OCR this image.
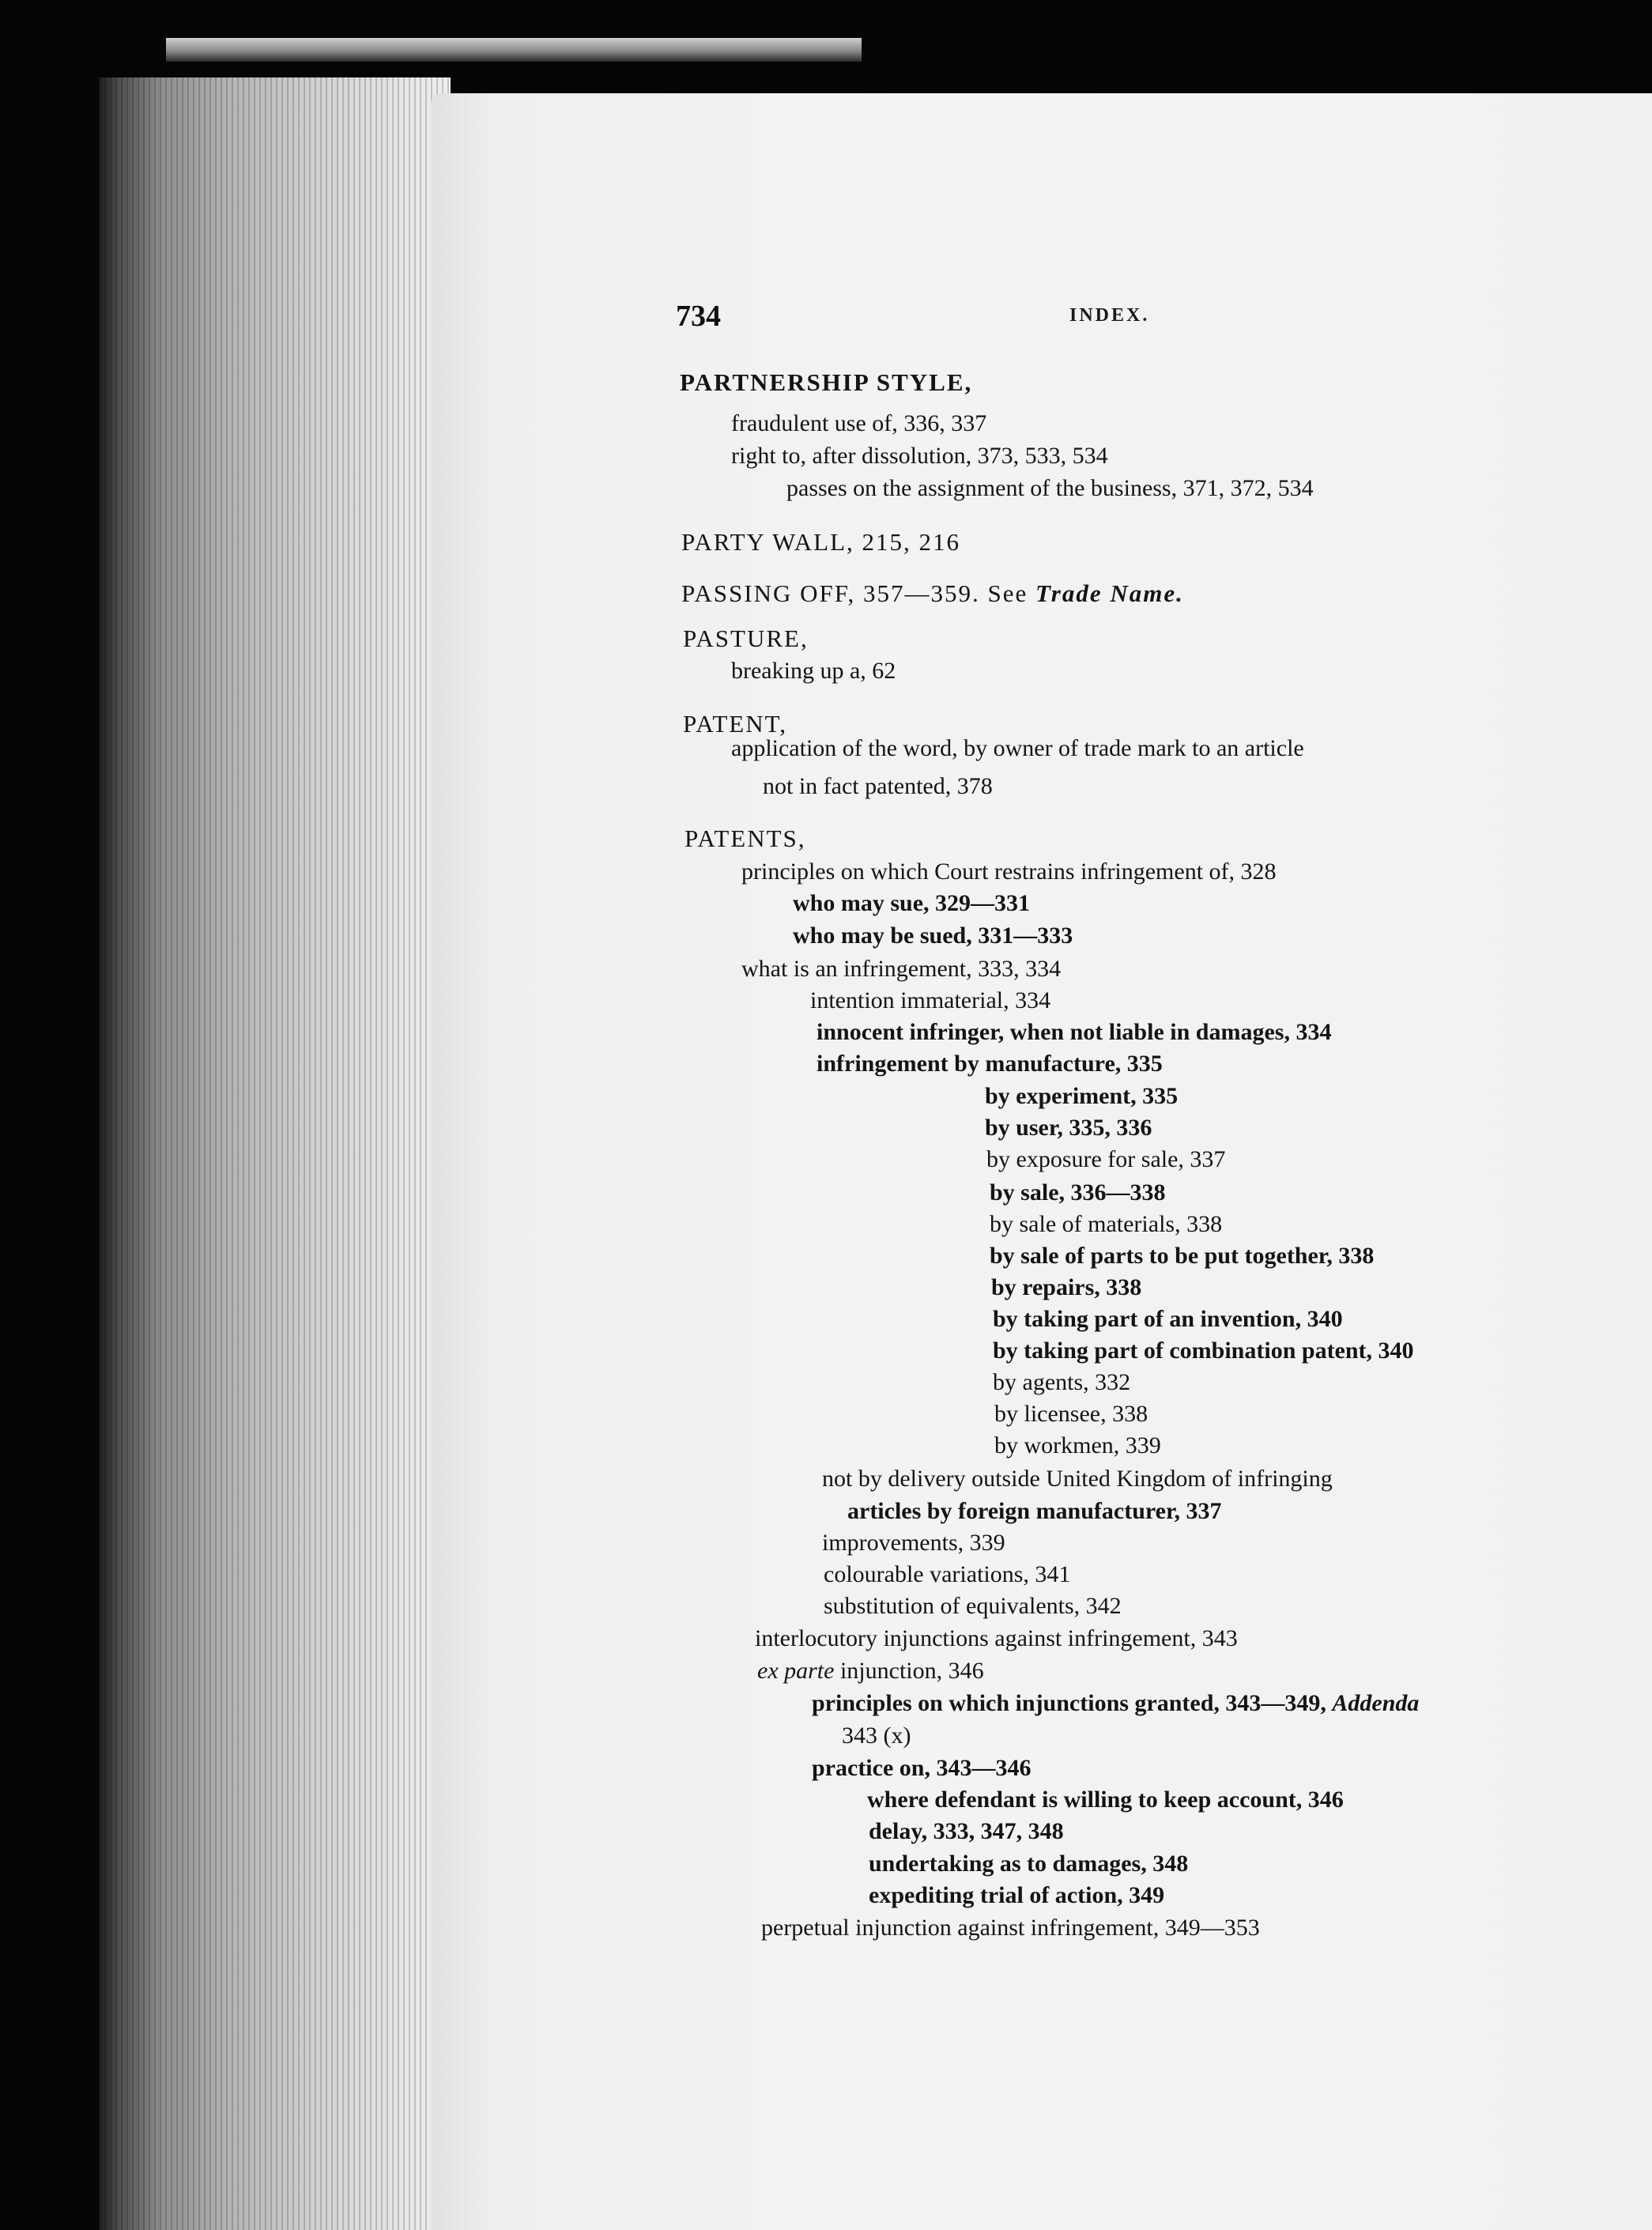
734	INDEX.
PARTNERSHIP STYLE,
fraudulent use of, 336, 337
right to, after dissolution, 373, 533, 534
passes on the assignment of the business, 371, 372, 534
PARTY WALL, 215, 216
PASSING OFF, 357—359. See Trade Name.
PASTURE,
breaking up a, 62
PATENT,
application of the word, by owner of trade mark to an article
not in fact patented, 378
PATENTS,
principles on which Court restrains infringement of, 328
who may sue, 329—331
who may be sued, 331—333
what is an infringement, 333, 334
intention immaterial, 334
innocent infringer, when not liable in damages, 334
infringement by manufacture, 335
by experiment, 335
by user, 335, 336
by exposure for sale, 337
by sale, 336—338
by sale of materials, 338
by sale of parts to be put together, 338
by repairs, 338
by taking part of an invention, 340
by taking part of combination patent, 340
by agents, 332
by licensee, 338
by workmen, 339
not by delivery outside United Kingdom of infringing
articles by foreign manufacturer, 337
improvements, 339
colourable variations, 341
substitution of equivalents, 342
interlocutory injunctions against infringement, 343
ex parte injunction, 346
principles on which injunctions granted, 343—349, Addenda
343 (x)
practice on, 343—346
where defendant is willing to keep account, 346
delay, 333, 347, 348
undertaking as to damages, 348
expediting trial of action, 349
perpetual injunction against infringement, 349—353
